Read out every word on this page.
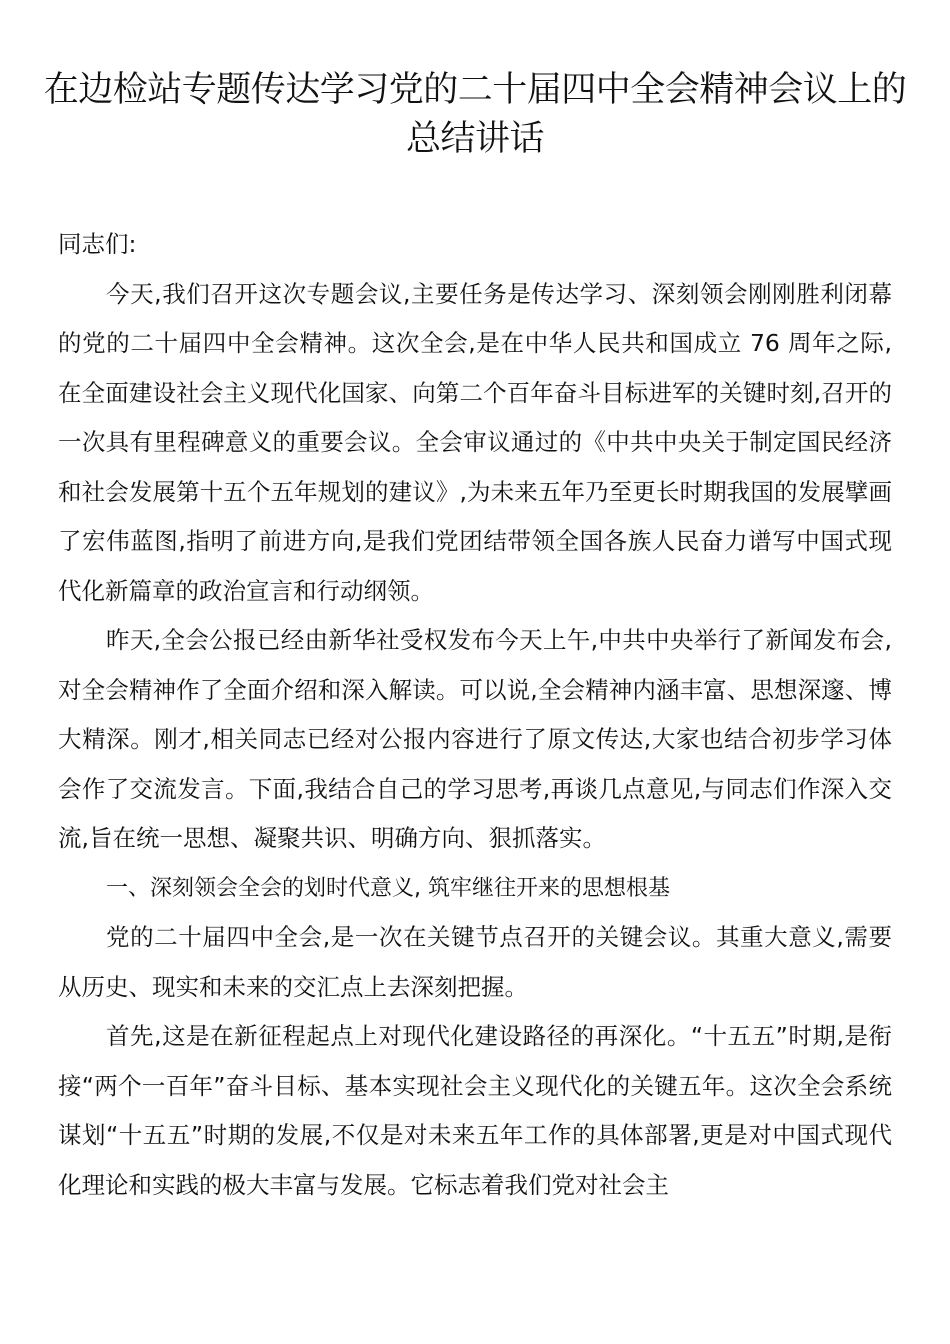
在边检站专题传达学习党的二十届四中全会精神会议上的总结讲话

同志们:

今天,我们召开这次专题会议,主要任务是传达学习、深刻领会刚刚胜利闭幕的党的二十届四中全会精神。这次全会,是在中华人民共和国成立 76 周年之际,在全面建设社会主义现代化国家、向第二个百年奋斗目标进军的关键时刻,召开的一次具有里程碑意义的重要会议。全会审议通过的《中共中央关于制定国民经济和社会发展第十五个五年规划的建议》,为未来五年乃至更长时期我国的发展擘画了宏伟蓝图,指明了前进方向,是我们党团结带领全国各族人民奋力谱写中国式现代化新篇章的政治宣言和行动纲领。

昨天,全会公报已经由新华社受权发布今天上午,中共中央举行了新闻发布会,对全会精神作了全面介绍和深入解读。可以说,全会精神内涵丰富、思想深邃、博大精深。刚才,相关同志已经对公报内容进行了原文传达,大家也结合初步学习体会作了交流发言。下面,我结合自己的学习思考,再谈几点意见,与同志们作深入交流,旨在统一思想、凝聚共识、明确方向、狠抓落实。

一、深刻领会全会的划时代意义, 筑牢继往开来的思想根基

党的二十届四中全会,是一次在关键节点召开的关键会议。其重大意义,需要从历史、现实和未来的交汇点上去深刻把握。

首先,这是在新征程起点上对现代化建设路径的再深化。“十五五”时期,是衔接“两个一百年”奋斗目标、基本实现社会主义现代化的关键五年。这次全会系统谋划“十五五”时期的发展,不仅是对未来五年工作的具体部署,更是对中国式现代化理论和实践的极大丰富与发展。它标志着我们党对社会主
